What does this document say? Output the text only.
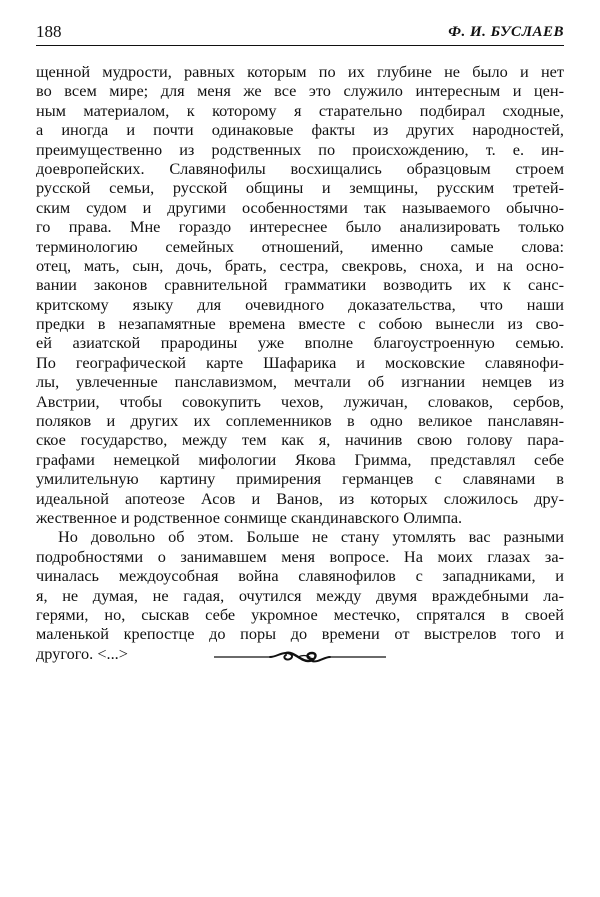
188	Ф. И. БУСЛАЕВ
щенной мудрости, равных которым по их глубине не было и нет
во всем мире; для меня же все это служило интересным и цен-
ным материалом, к которому я старательно подбирал сходные,
а иногда и почти одинаковые факты из других народностей,
преимущественно из родственных по происхождению, т. е. ин-
доевропейских. Славянофилы восхищались образцовым строем
русской семьи, русской общины и земщины, русским третей-
ским судом и другими особенностями так называемого обычно-
го права. Мне гораздо интереснее было анализировать только
терминологию семейных отношений, именно самые слова:
отец, мать, сын, дочь, брать, сестра, свекровь, сноха, и на осно-
вании законов сравнительной грамматики возводить их к санс-
критскому языку для очевидного доказательства, что наши
предки в незапамятные времена вместе с собою вынесли из сво-
ей азиатской прародины уже вполне благоустроенную семью.
По географической карте Шафарика и московские славянофи-
лы, увлеченные панславизмом, мечтали об изгнании немцев из
Австрии, чтобы совокупить чехов, лужичан, словаков, сербов,
поляков и других их соплеменников в одно великое панславян-
ское государство, между тем как я, начинив свою голову пара-
графами немецкой мифологии Якова Гримма, представлял себе
умилительную картину примирения германцев с славянами в
идеальной апотеозе Асов и Ванов, из которых сложилось дру-
жественное и родственное сонмище скандинавского Олимпа.
Но довольно об этом. Больше не стану утомлять вас разными
подробностями о занимавшем меня вопросе. На моих глазах за-
чиналась междоусобная война славянофилов с западниками, и
я, не думая, не гадая, очутился между двумя враждебными ла-
герями, но, сыскав себе укромное местечко, спрятался в своей
маленькой крепостце до поры до времени от выстрелов того и
другого. <...>
